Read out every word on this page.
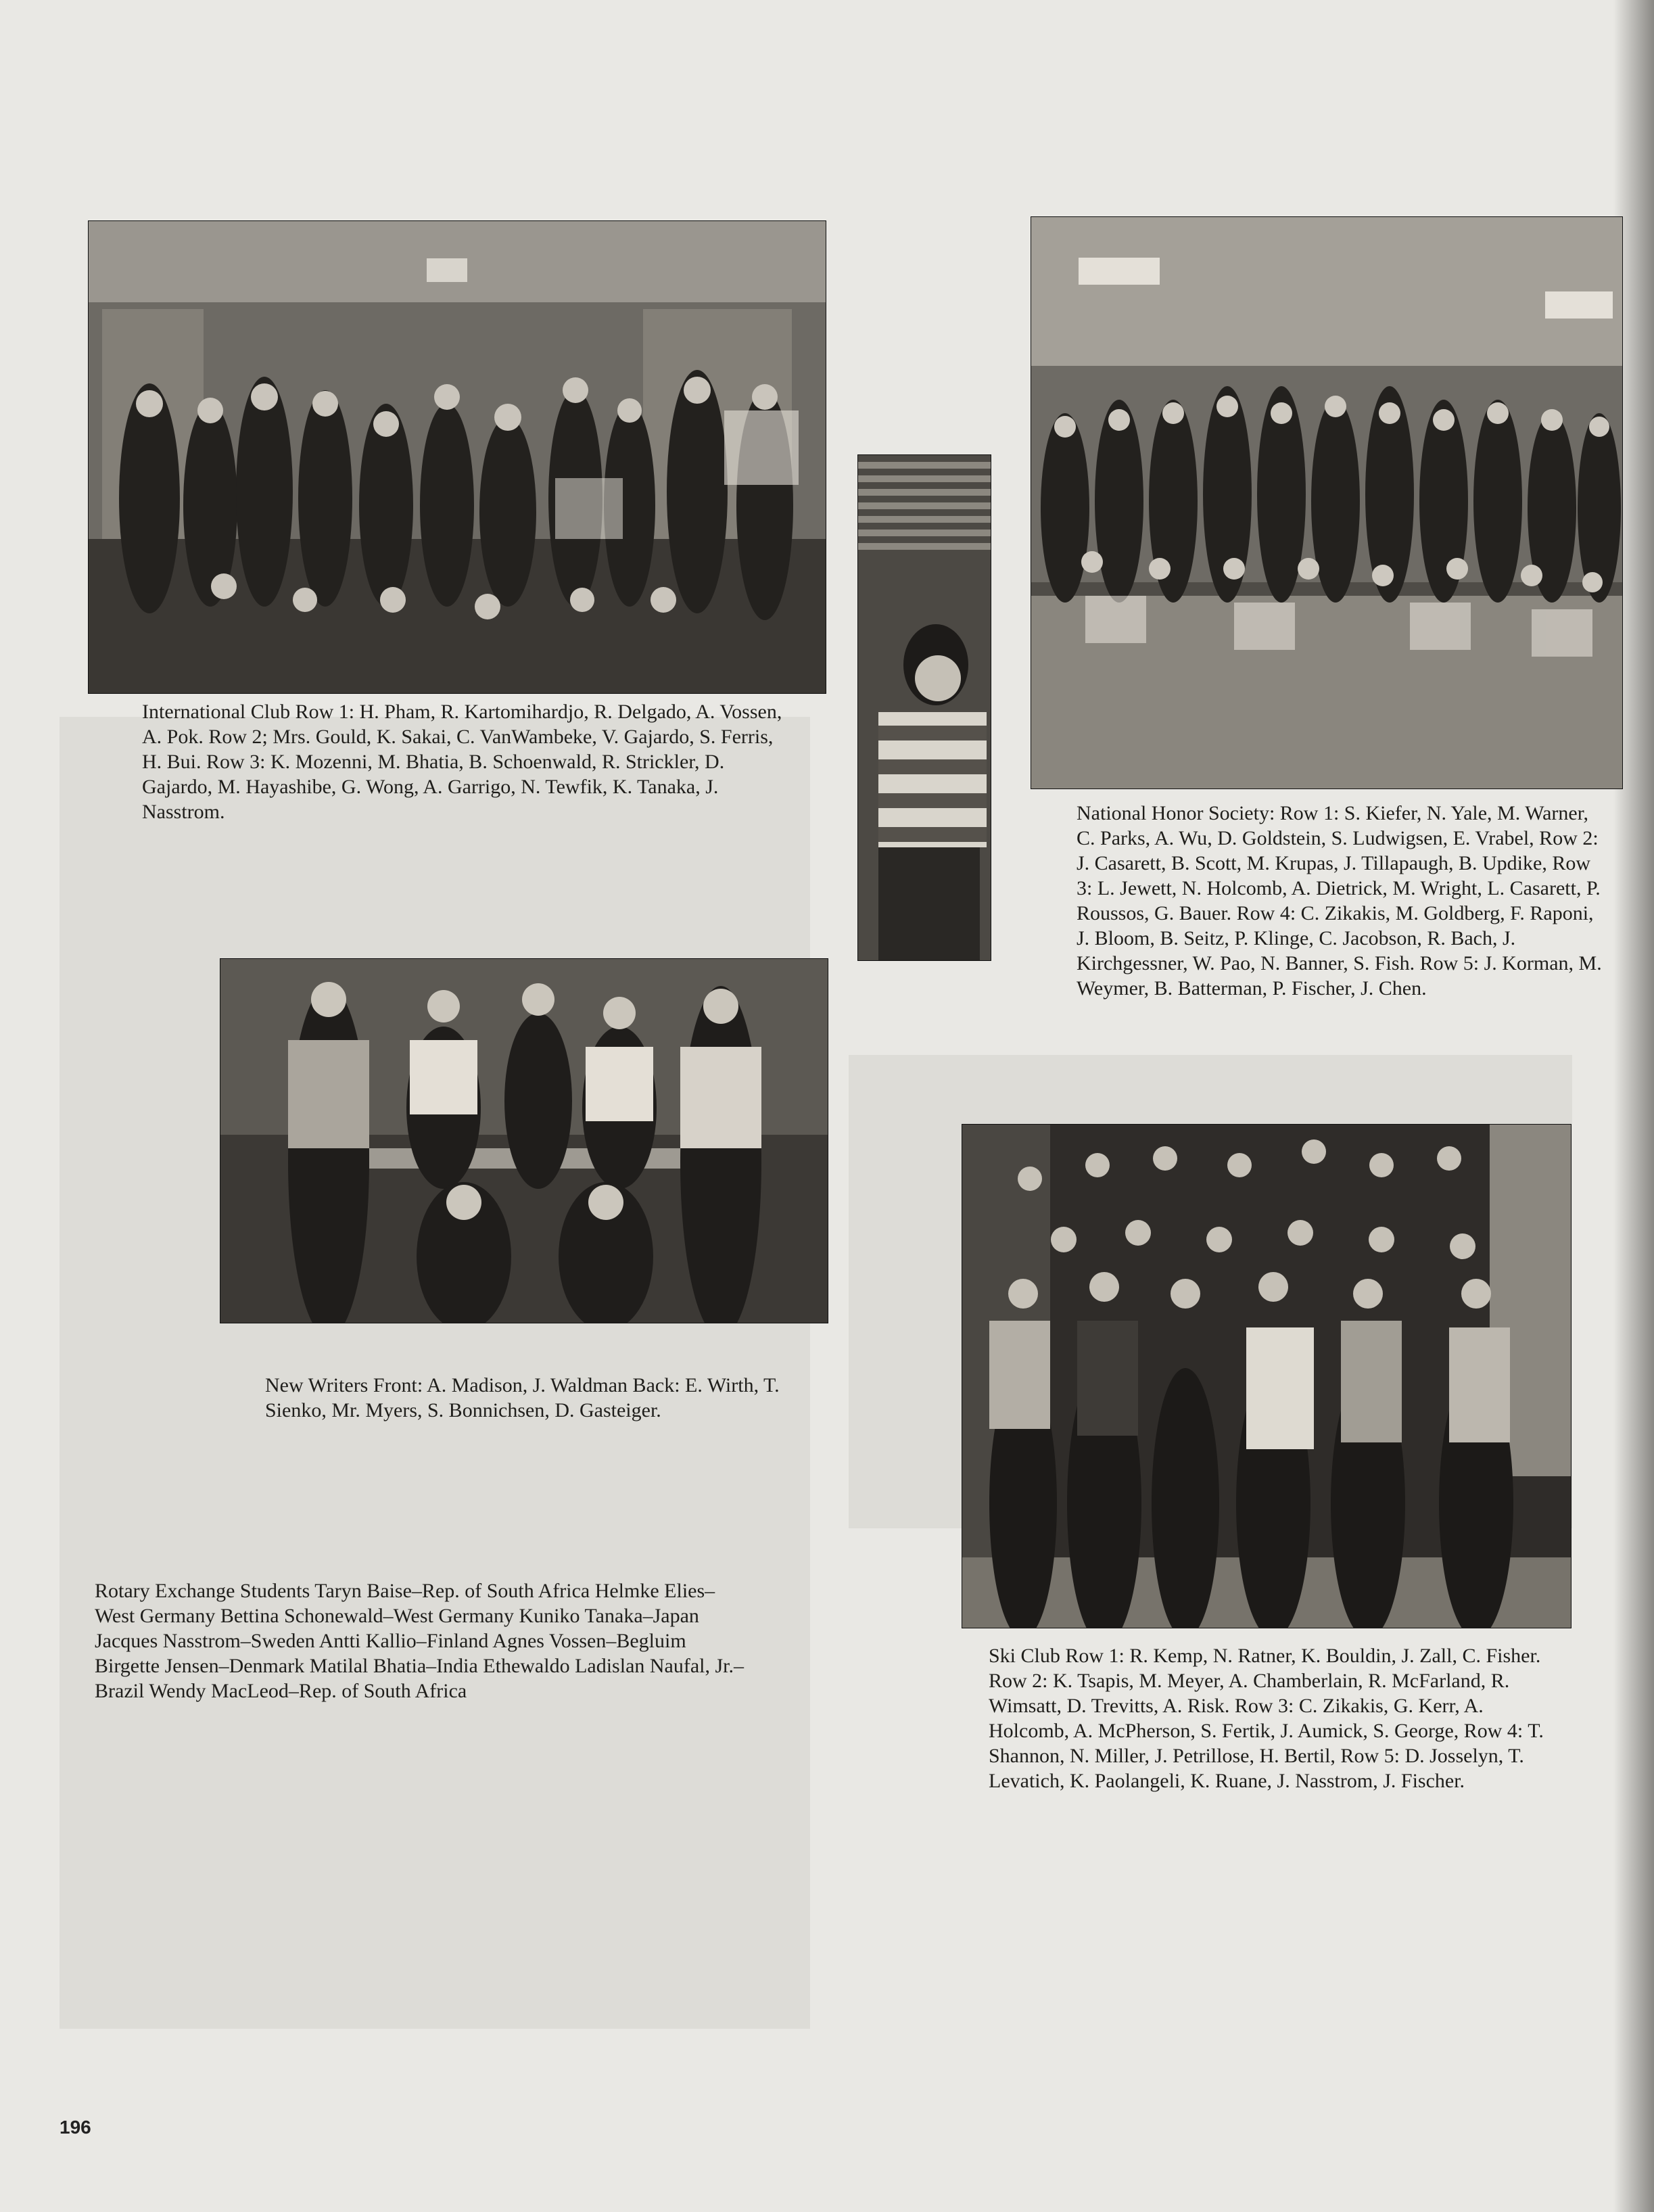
International Club Row 1: H. Pham, R. Kartomihardjo, R. Delgado, A. Vossen, A. Pok. Row 2; Mrs. Gould, K. Sakai, C. VanWambeke, V. Gajardo, S. Ferris, H. Bui. Row 3: K. Mozenni, M. Bhatia, B. Schoenwald, R. Strickler, D. Gajardo, M. Hayashibe, G. Wong, A. Garrigo, N. Tewfik, K. Tanaka, J. Nasstrom.	National Honor Society: Row 1: S. Kiefer, N. Yale, M. Warner, C. Parks, A. Wu, D. Goldstein, S. Ludwigsen, E. Vrabel, Row 2: J. Casarett, B. Scott, M. Krupas, J. Tillapaugh, B. Updike, Row 3: L. Jewett, N. Holcomb, A. Dietrick, M. Wright, L. Casarett, P. Roussos, G. Bauer. Row 4: C. Zikakis, M. Goldberg, F. Raponi, J. Bloom, B. Seitz, P. Klinge, C. Jacobson, R. Bach, J. Kirchgessner, W. Pao, N. Banner, S. Fish. Row 5: J. Korman, M. Weymer, B. Batterman, P. Fischer, J. Chen.

New Writers Front: A. Madison, J. Waldman Back: E. Wirth, T. Sienko, Mr. Myers, S. Bonnichsen, D. Gasteiger.

Rotary Exchange Students Taryn Baise–Rep. of South Africa Helmke Elies–West Germany Bettina Schonewald–West Germany Kuniko Tanaka–Japan Jacques Nasstrom–Sweden Antti Kallio–Finland Agnes Vossen–Begluim Birgette Jensen–Denmark Matilal Bhatia–India Ethewaldo Ladislan Naufal, Jr.–Brazil Wendy MacLeod–Rep. of South Africa

Ski Club Row 1: R. Kemp, N. Ratner, K. Bouldin, J. Zall, C. Fisher. Row 2: K. Tsapis, M. Meyer, A. Chamberlain, R. McFarland, R. Wimsatt, D. Trevitts, A. Risk. Row 3: C. Zikakis, G. Kerr, A. Holcomb, A. McPherson, S. Fertik, J. Aumick, S. George, Row 4: T. Shannon, N. Miller, J. Petrillose, H. Bertil, Row 5: D. Josselyn, T. Levatich, K. Paolangeli, K. Ruane, J. Nasstrom, J. Fischer.

196
